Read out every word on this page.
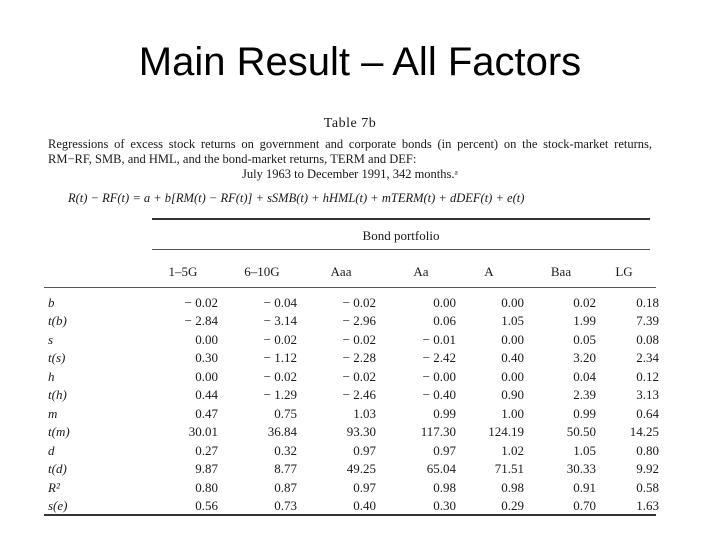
Main Result – All Factors
Table 7b
Regressions of excess stock returns on government and corporate bonds (in percent) on the stock-market returns, RM−RF, SMB, and HML, and the bond-market returns, TERM and DEF:
July 1963 to December 1991, 342 months.ᵃ
R(t) − RF(t) = a + b[RM(t) − RF(t)] + sSMB(t) + hHML(t) + mTERM(t) + dDEF(t) + e(t)
Bond portfolio
1–5G	6–10G	Aaa	Aa	A	Baa	LG
b	− 0.02	− 0.04	− 0.02	0.00	0.00	0.02	0.18
t(b)	− 2.84	− 3.14	− 2.96	0.06	1.05	1.99	7.39
s	0.00	− 0.02	− 0.02	− 0.01	0.00	0.05	0.08
t(s)	0.30	− 1.12	− 2.28	− 2.42	0.40	3.20	2.34
h	0.00	− 0.02	− 0.02	− 0.00	0.00	0.04	0.12
t(h)	0.44	− 1.29	− 2.46	− 0.40	0.90	2.39	3.13
m	0.47	0.75	1.03	0.99	1.00	0.99	0.64
t(m)	30.01	36.84	93.30	117.30	124.19	50.50	14.25
d	0.27	0.32	0.97	0.97	1.02	1.05	0.80
t(d)	9.87	8.77	49.25	65.04	71.51	30.33	9.92
R²	0.80	0.87	0.97	0.98	0.98	0.91	0.58
s(e)	0.56	0.73	0.40	0.30	0.29	0.70	1.63
